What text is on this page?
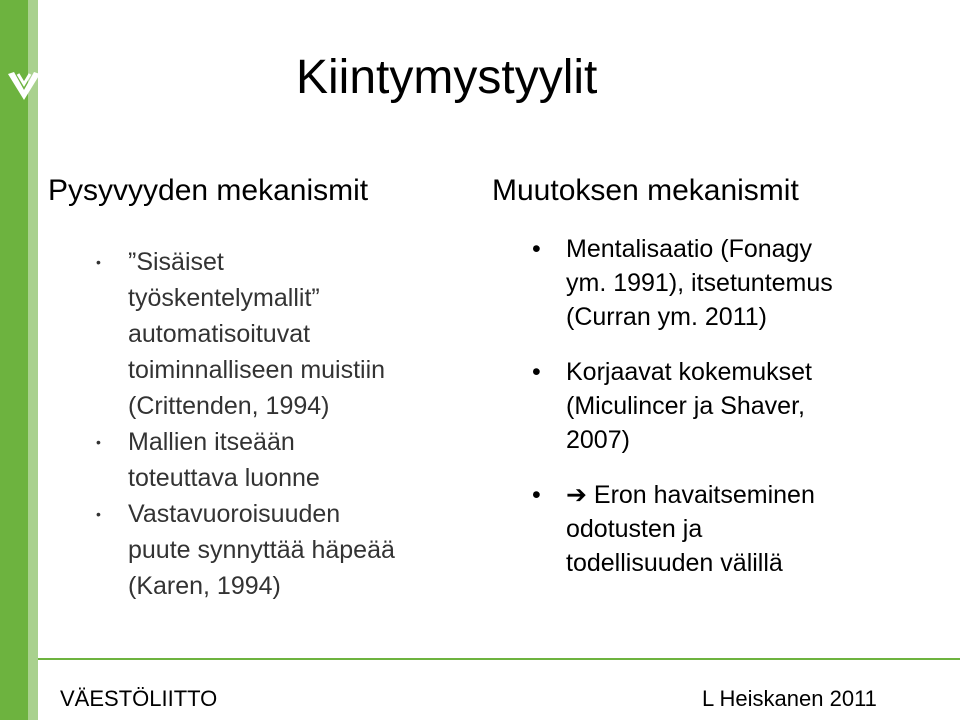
Kiintymystyylit
Pysyvyyden mekanismit	Muutoksen mekanismit
• ”Sisäiset
työskentelymallit”
automatisoituvat
toiminnalliseen muistiin
(Crittenden, 1994)
• Mallien itseään
toteuttava luonne
• Vastavuoroisuuden
puute synnyttää häpeää
(Karen, 1994)
• Mentalisaatio (Fonagy
ym. 1991), itsetuntemus
(Curran ym. 2011)
• Korjaavat kokemukset
(Miculincer ja Shaver,
2007)
• ➔ Eron havaitseminen
odotusten ja
todellisuuden välillä
VÄESTÖLIITTO	L Heiskanen 2011
